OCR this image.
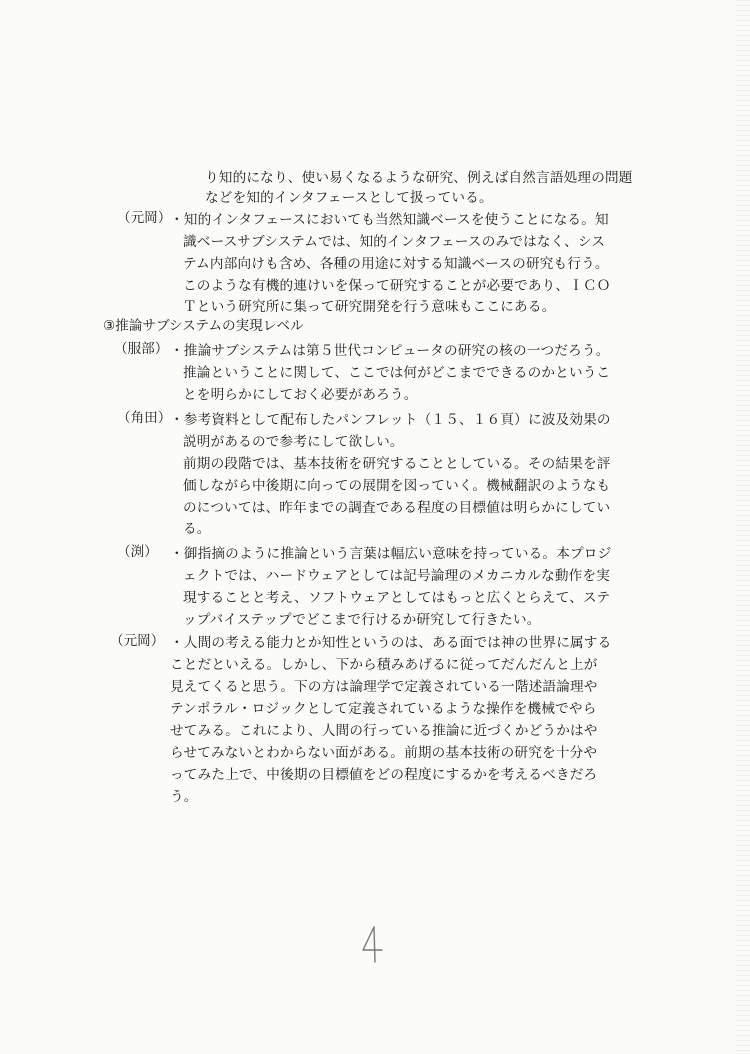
り知的になり、使い易くなるような研究、例えば自然言語処理の問題
などを知的インタフェースとして扱っている。
（元岡）
・知的インタフェースにおいても当然知識ベースを使うことになる。知
識ベースサブシステムでは、知的インタフェースのみではなく、シス
テム内部向けも含め、各種の用途に対する知識ベースの研究も行う。
このような有機的連けいを保って研究することが必要であり、ＩＣＯ
Ｔという研究所に集って研究開発を行う意味もここにある。
③推論サブシステムの実現レベル
（服部） ・推論サブシステムは第５世代コンピュータの研究の核の一つだろう。
推論ということに関して、ここでは何がどこまでできるのかというこ
とを明らかにしておく必要があろう。
（角田）
・参考資料として配布したパンフレット（１５、１６頁）に波及効果の
説明があるので参考にして欲しい。
前期の段階では、基本技術を研究することとしている。その結果を評
価しながら中後期に向っての展開を図っていく。機械翻訳のようなも
のについては、昨年までの調査である程度の目標値は明らかにしてい
る。
（渕） ・御指摘のように推論という言葉は幅広い意味を持っている。本プロジ
ェクトでは、ハードウェアとしては記号論理のメカニカルな動作を実
現することと考え、ソフトウェアとしてはもっと広くとらえて、ステ
ップバイステップでどこまで行けるか研究して行きたい。
（元岡） ・人間の考える能力とか知性というのは、ある面では神の世界に属する
ことだといえる。しかし、下から積みあげるに従ってだんだんと上が
見えてくると思う。下の方は論理学で定義されている一階述語論理や
テンポラル・ロジックとして定義されているような操作を機械でやら
せてみる。これにより、人間の行っている推論に近づくかどうかはや
らせてみないとわからない面がある。前期の基本技術の研究を十分や
ってみた上で、中後期の目標値をどの程度にするかを考えるべきだろ
う。
